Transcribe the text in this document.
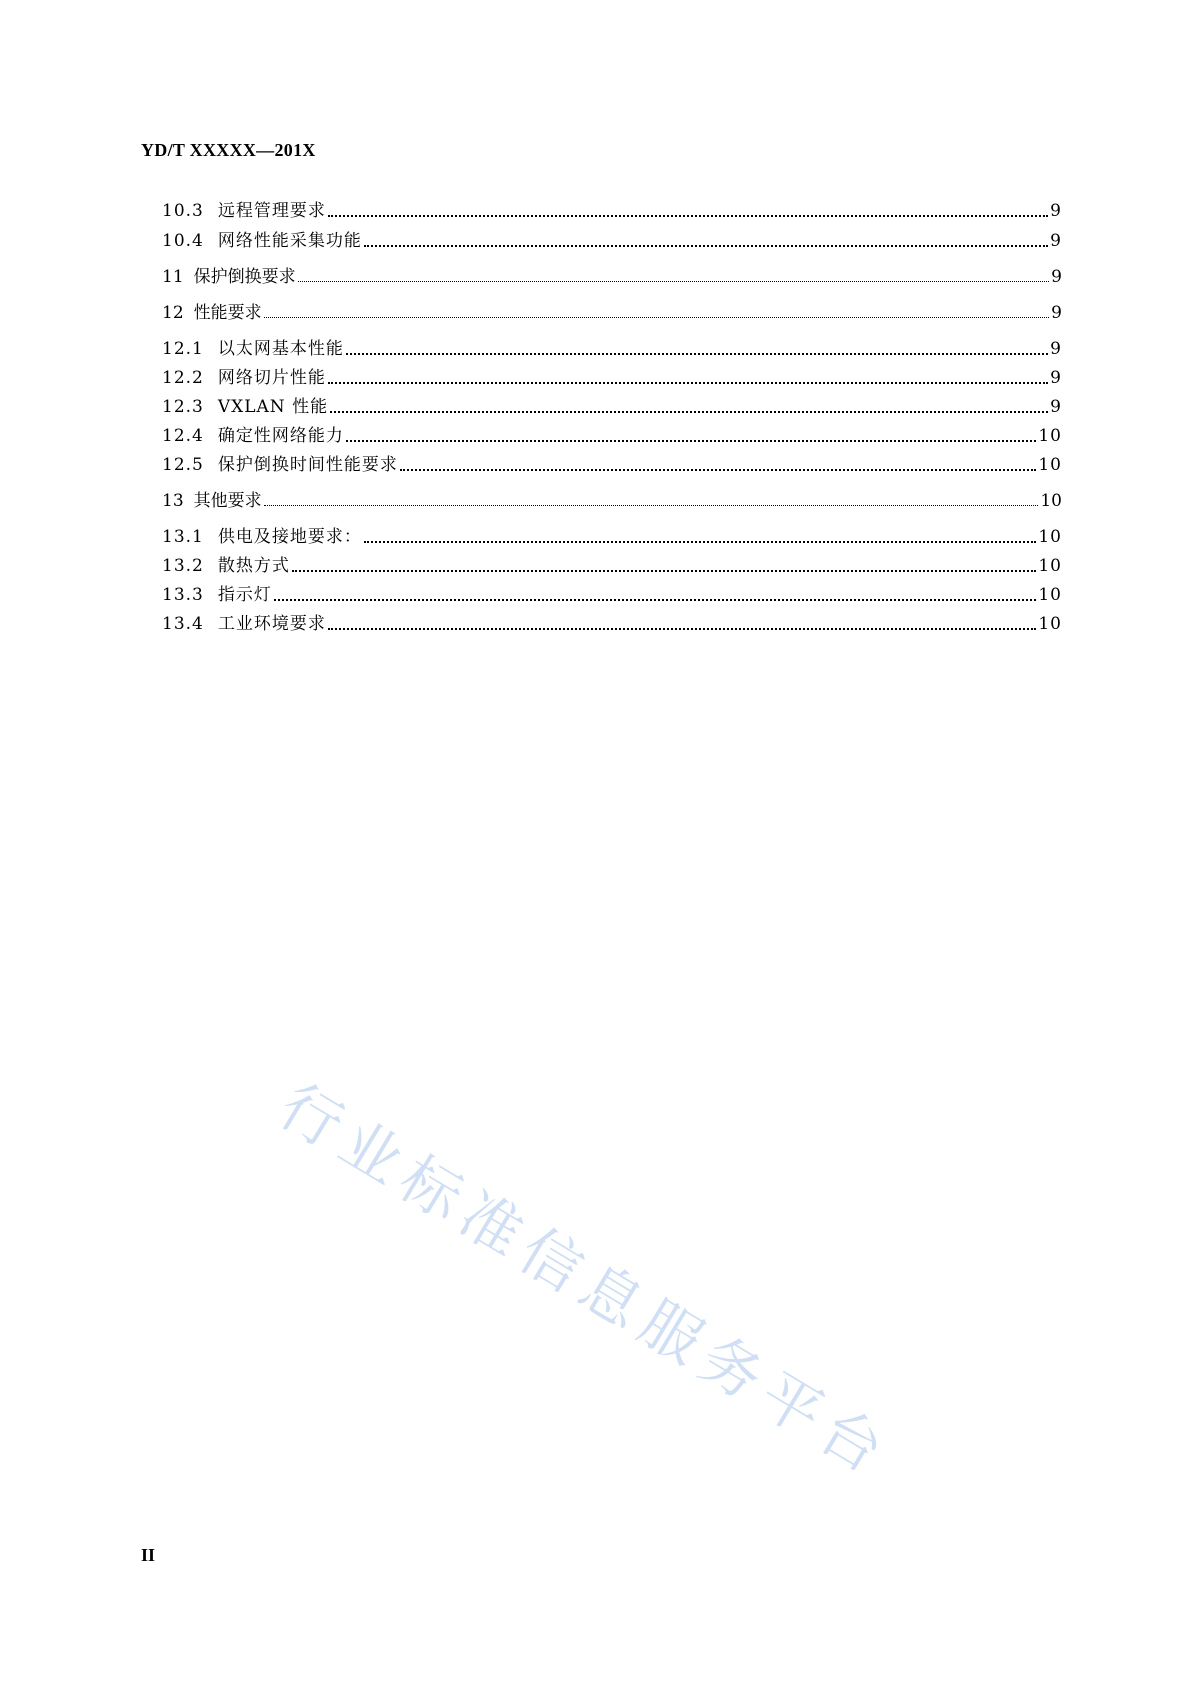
YD/T XXXXX—201X
10.3 远程管理要求	9
10.4 网络性能采集功能	9
11 保护倒换要求	9
12 性能要求	9
12.1 以太网基本性能	9
12.2 网络切片性能	9
12.3 VXLAN 性能	9
12.4 确定性网络能力	10
12.5 保护倒换时间性能要求	10
13 其他要求	10
13.1 供电及接地要求：	10
13.2 散热方式	10
13.3 指示灯	10
13.4 工业环境要求	10
行业标准信息服务平台
II
